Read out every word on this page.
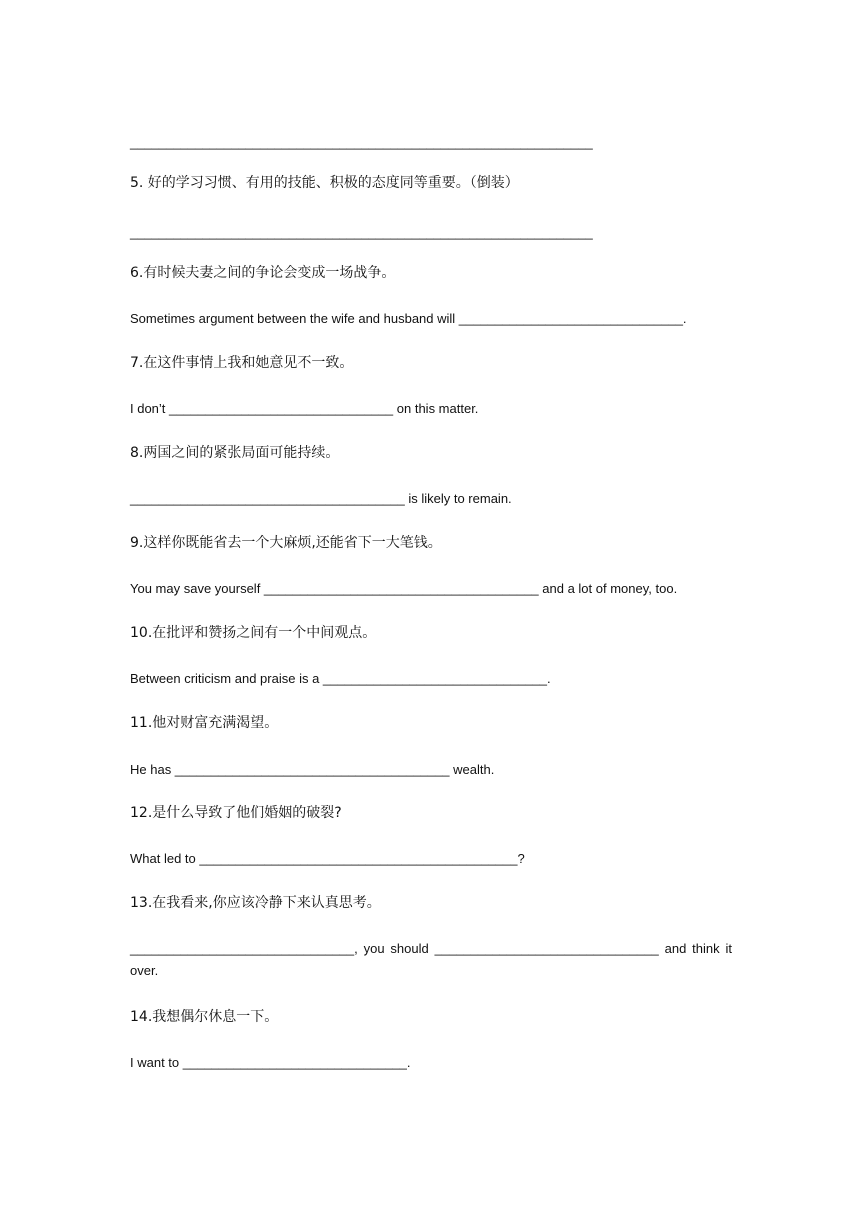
________________________________________________________________
5. 好的学习习惯、有用的技能、积极的态度同等重要。（倒装）
________________________________________________________________
6.有时候夫妻之间的争论会变成一场战争。
Sometimes argument between the wife and husband will _______________________________.
7.在这件事情上我和她意见不一致。
I don’t _______________________________ on this matter.
8.两国之间的紧张局面可能持续。
______________________________________ is likely to remain.
9.这样你既能省去一个大麻烦,还能省下一大笔钱。
You may save yourself ______________________________________ and a lot of money, too.
10.在批评和赞扬之间有一个中间观点。
Between criticism and praise is a _______________________________.
11.他对财富充满渴望。
He has ______________________________________ wealth.
12.是什么导致了他们婚姻的破裂?
What led to ____________________________________________?
13.在我看来,你应该冷静下来认真思考。
_______________________________, you should _______________________________ and think it over.
14.我想偶尔休息一下。
I want to _______________________________.
